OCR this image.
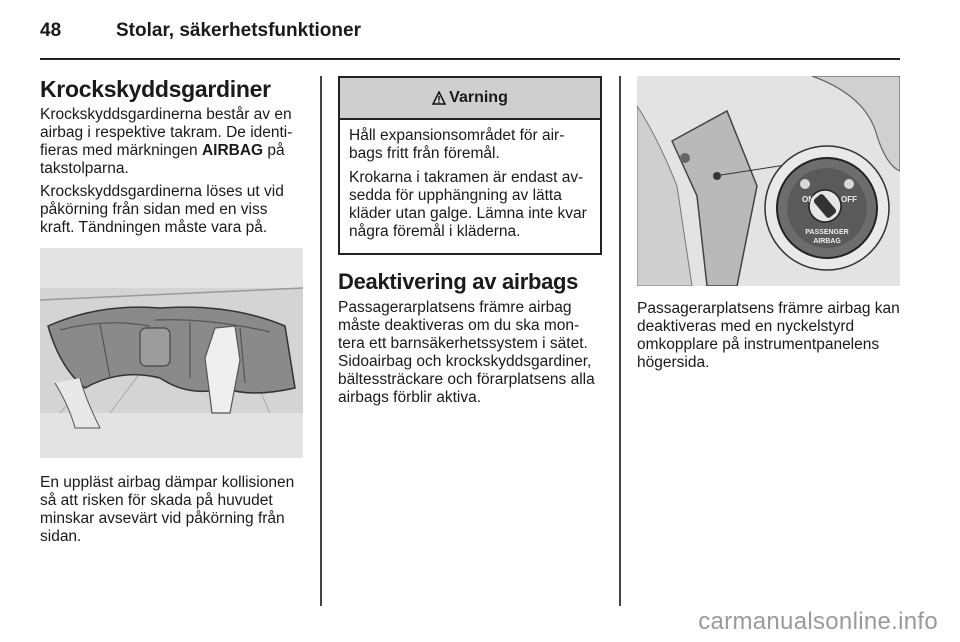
48	Stolar, säkerhetsfunktioner
Krockskyddsgardiner

Krockskyddsgardinerna består av en airbag i respektive takram. De identi-fieras med märkningen AIRBAG på takstolparna.

Krockskyddsgardinerna löses ut vid påkörning från sidan med en viss kraft. Tändningen måste vara på.

En uppläst airbag dämpar kollisionen så att risken för skada på huvudet minskar avsevärt vid påkörning från sidan.

Varning

Håll expansionsområdet för air-bags fritt från föremål.

Krokarna i takramen är endast av-sedda för upphängning av lätta kläder utan galge. Lämna inte kvar några föremål i kläderna.

Deaktivering av airbags

Passagerarplatsens främre airbag måste deaktiveras om du ska mon-tera ett barnsäkerhetssystem i sätet. Sidoairbag och krockskyddsgardiner, bältessträckare och förarplatsens alla airbags förblir aktiva.

ON	OFF
PASSENGER
AIRBAG

Passagerarplatsens främre airbag kan deaktiveras med en nyckelstyrd omkopplare på instrumentpanelens högersida.

carmanualsonline.info
